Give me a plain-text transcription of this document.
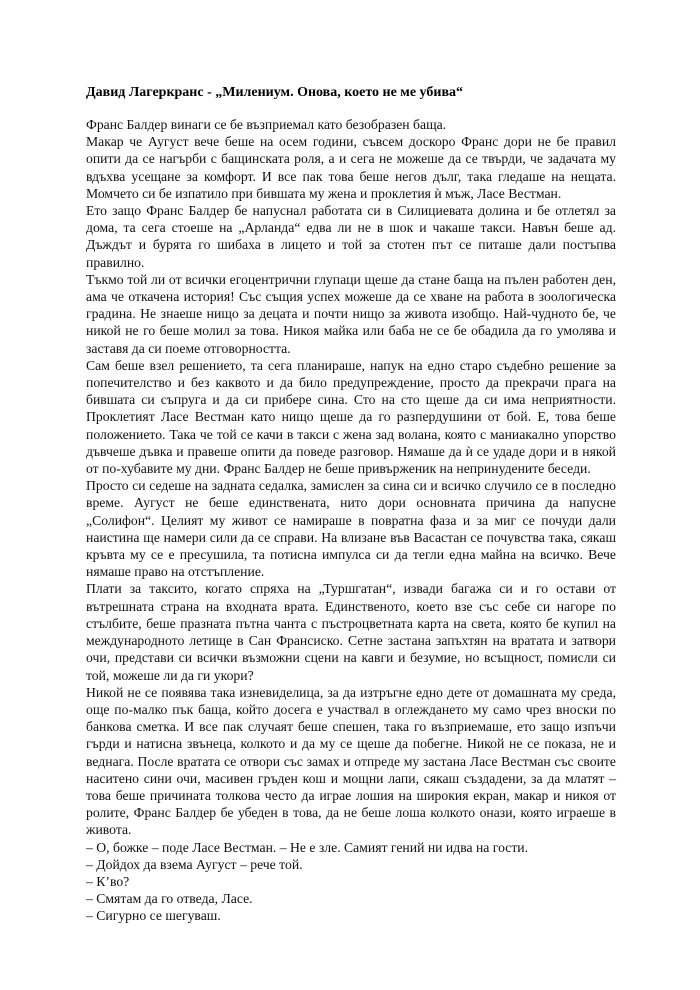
Давид Лагеркранс - „Милениум. Онова, което не ме убива“

Франс Балдер винаги се бе възприемал като безобразен баща.

Макар че Аугуст вече беше на осем години, съвсем доскоро Франс дори не бе правил опити да се нагърби с бащинската роля, а и сега не можеше да се твърди, че задачата му вдъхва усещане за комфорт. И все пак това беше негов дълг, така гледаше на нещата. Момчето си бе изпатило при бившата му жена и проклетия ѝ мъж, Ласе Вестман.

Ето защо Франс Балдер бе напуснал работата си в Силициевата долина и бе отлетял за дома, та сега стоеше на „Арланда“ едва ли не в шок и чакаше такси. Навън беше ад. Дъждът и бурята го шибаха в лицето и той за стотен път се питаше дали постъпва правилно.

Тъкмо той ли от всички егоцентрични глупаци щеше да стане баща на пълен работен ден, ама че откачена история! Със същия успех можеше да се хване на работа в зоологическа градина. Не знаеше нищо за децата и почти нищо за живота изобщо. Най-чудното бе, че никой не го беше молил за това. Никоя майка или баба не се бе обадила да го умолява и заставя да си поеме отговорността.

Сам беше взел решението, та сега планираше, напук на едно старо съдебно решение за попечителство и без каквото и да било предупреждение, просто да прекрачи прага на бившата си съпруга и да си прибере сина. Сто на сто щеше да си има неприятности. Проклетият Ласе Вестман като нищо щеше да го разпердушини от бой. Е, това беше положението. Така че той се качи в такси с жена зад волана, която с маниакално упорство дъвчеше дъвка и правеше опити да поведе разговор. Нямаше да ѝ се удаде дори и в някой от по-хубавите му дни. Франс Балдер не беше привърженик на непринудените беседи.

Просто си седеше на задната седалка, замислен за сина си и всичко случило се в последно време. Аугуст не беше единствената, нито дори основната причина да напусне „Солифон“. Целият му живот се намираше в повратна фаза и за миг се почуди дали наистина ще намери сили да се справи. На влизане във Васастан се почувства така, сякаш кръвта му се е пресушила, та потисна импулса си да тегли една майна на всичко. Вече нямаше право на отстъпление.

Плати за таксито, когато спряха на „Туршгатан“, извади багажа си и го остави от вътрешната страна на входната врата. Единственото, което взе със себе си нагоре по стълбите, беше празната пътна чанта с пъстроцветната карта на света, която бе купил на международното летище в Сан Франсиско. Сетне застана запъхтян на вратата и затвори очи, представи си всички възможни сцени на кавги и безумие, но всъщност, помисли си той, можеше ли да ги укори?

Никой не се появява така изневиделица, за да изтръгне едно дете от домашната му среда, още по-малко пък баща, който досега е участвал в оглеждането му само чрез вноски по банкова сметка. И все пак случаят беше спешен, така го възприемаше, ето защо изпъчи гърди и натисна звънеца, колкото и да му се щеше да побегне. Никой не се показа, не и веднага. После вратата се отвори със замах и отпреде му застана Ласе Вестман със своите наситено сини очи, масивен гръден кош и мощни лапи, сякаш създадени, за да млатят – това беше причината толкова често да играе лошия на широкия екран, макар и никоя от ролите, Франс Балдер бе убеден в това, да не беше лоша колкото онази, която играеше в живота.

– О, божке – поде Ласе Вестман. – Не е зле. Самият гений ни идва на гости.

– Дойдох да взема Аугуст – рече той.

– К’во?

– Смятам да го отведа, Ласе.

– Сигурно се шегуваш.
